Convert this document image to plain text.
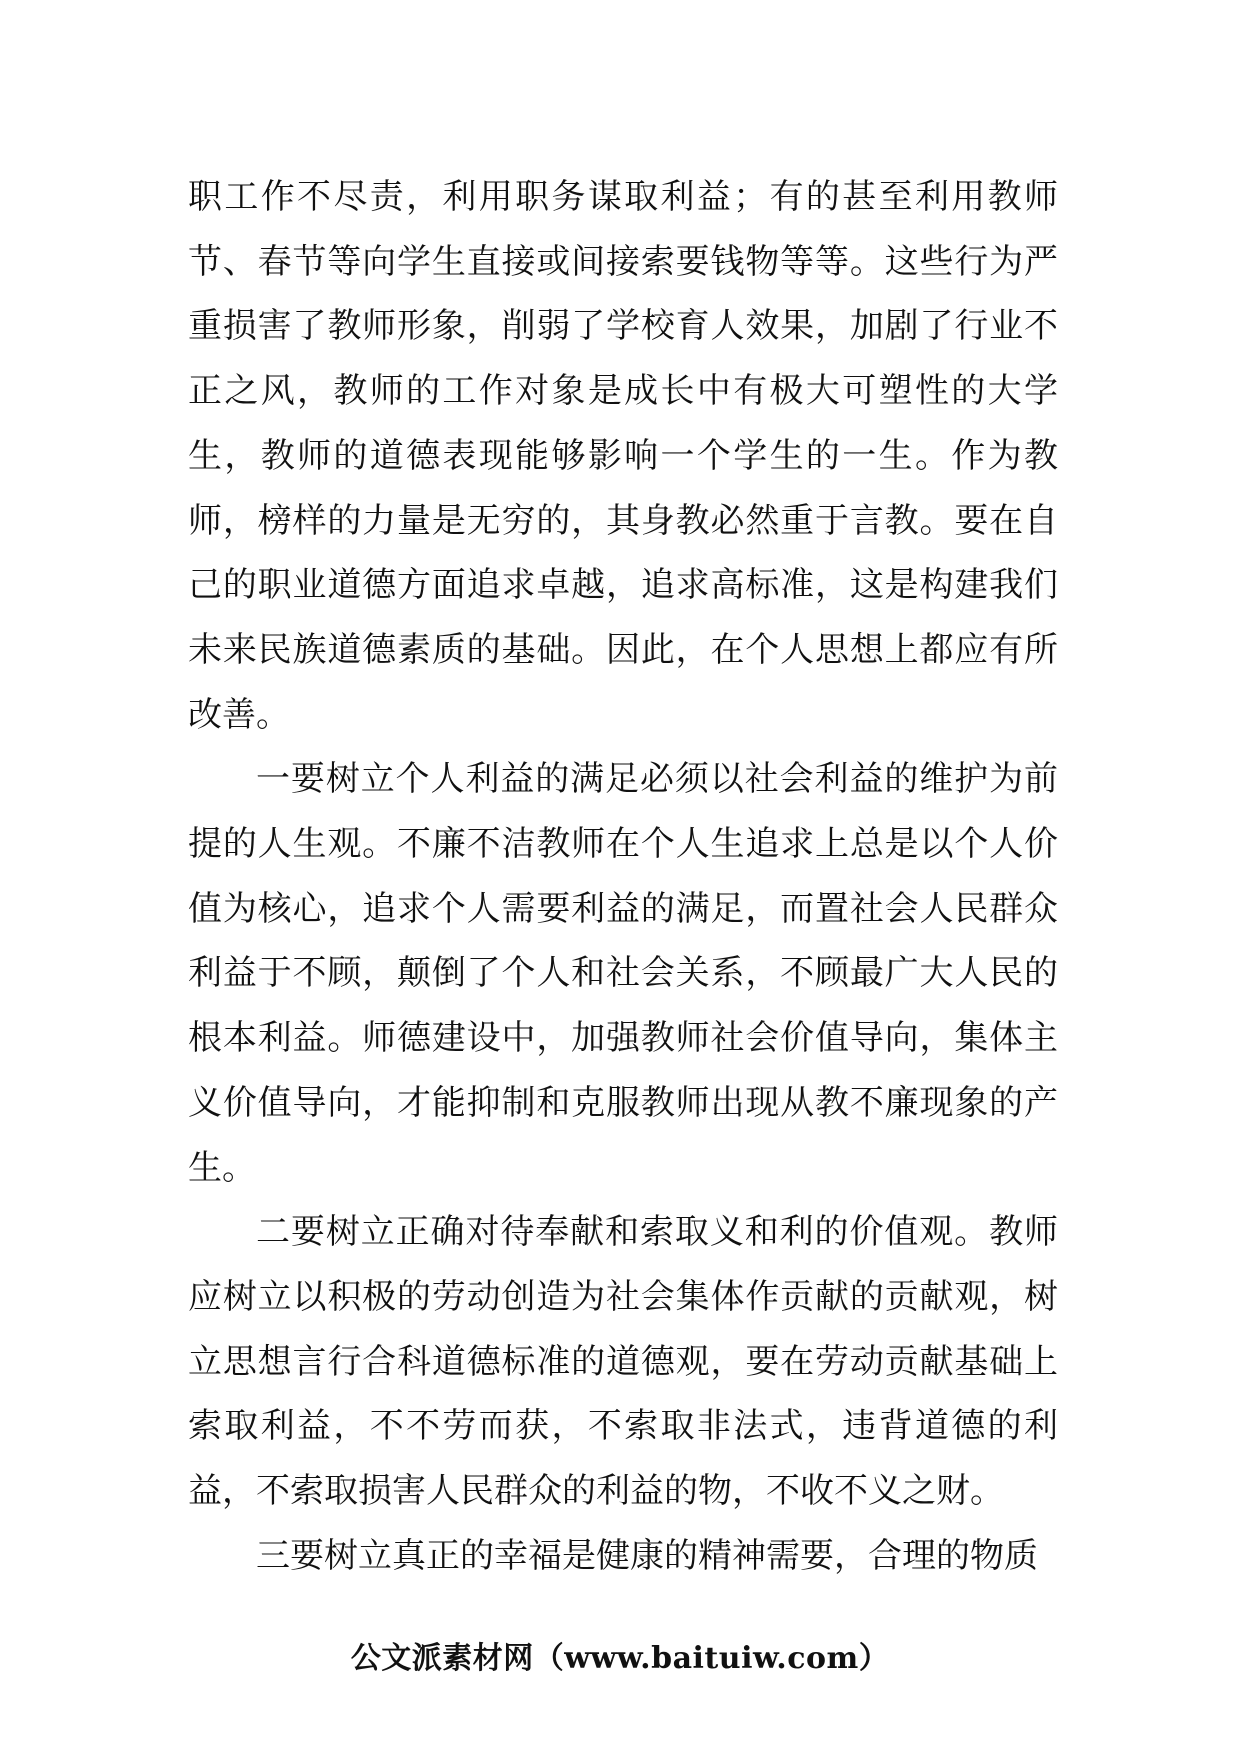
职工作不尽责，利用职务谋取利益；有的甚至利用教师节、春节等向学生直接或间接索要钱物等等。这些行为严重损害了教师形象，削弱了学校育人效果，加剧了行业不正之风，教师的工作对象是成长中有极大可塑性的大学生，教师的道德表现能够影响一个学生的一生。作为教师，榜样的力量是无穷的，其身教必然重于言教。要在自己的职业道德方面追求卓越，追求高标准，这是构建我们未来民族道德素质的基础。因此，在个人思想上都应有所改善。

一要树立个人利益的满足必须以社会利益的维护为前提的人生观。不廉不洁教师在个人生追求上总是以个人价值为核心，追求个人需要利益的满足，而置社会人民群众利益于不顾，颠倒了个人和社会关系，不顾最广大人民的根本利益。师德建设中，加强教师社会价值导向，集体主义价值导向，才能抑制和克服教师出现从教不廉现象的产生。

二要树立正确对待奉献和索取义和利的价值观。教师应树立以积极的劳动创造为社会集体作贡献的贡献观，树立思想言行合科道德标准的道德观，要在劳动贡献基础上索取利益，不不劳而获，不索取非法式，违背道德的利益，不索取损害人民群众的利益的物，不收不义之财。

三要树立真正的幸福是健康的精神需要，合理的物质

公文派素材网（www.baituiw.com）
